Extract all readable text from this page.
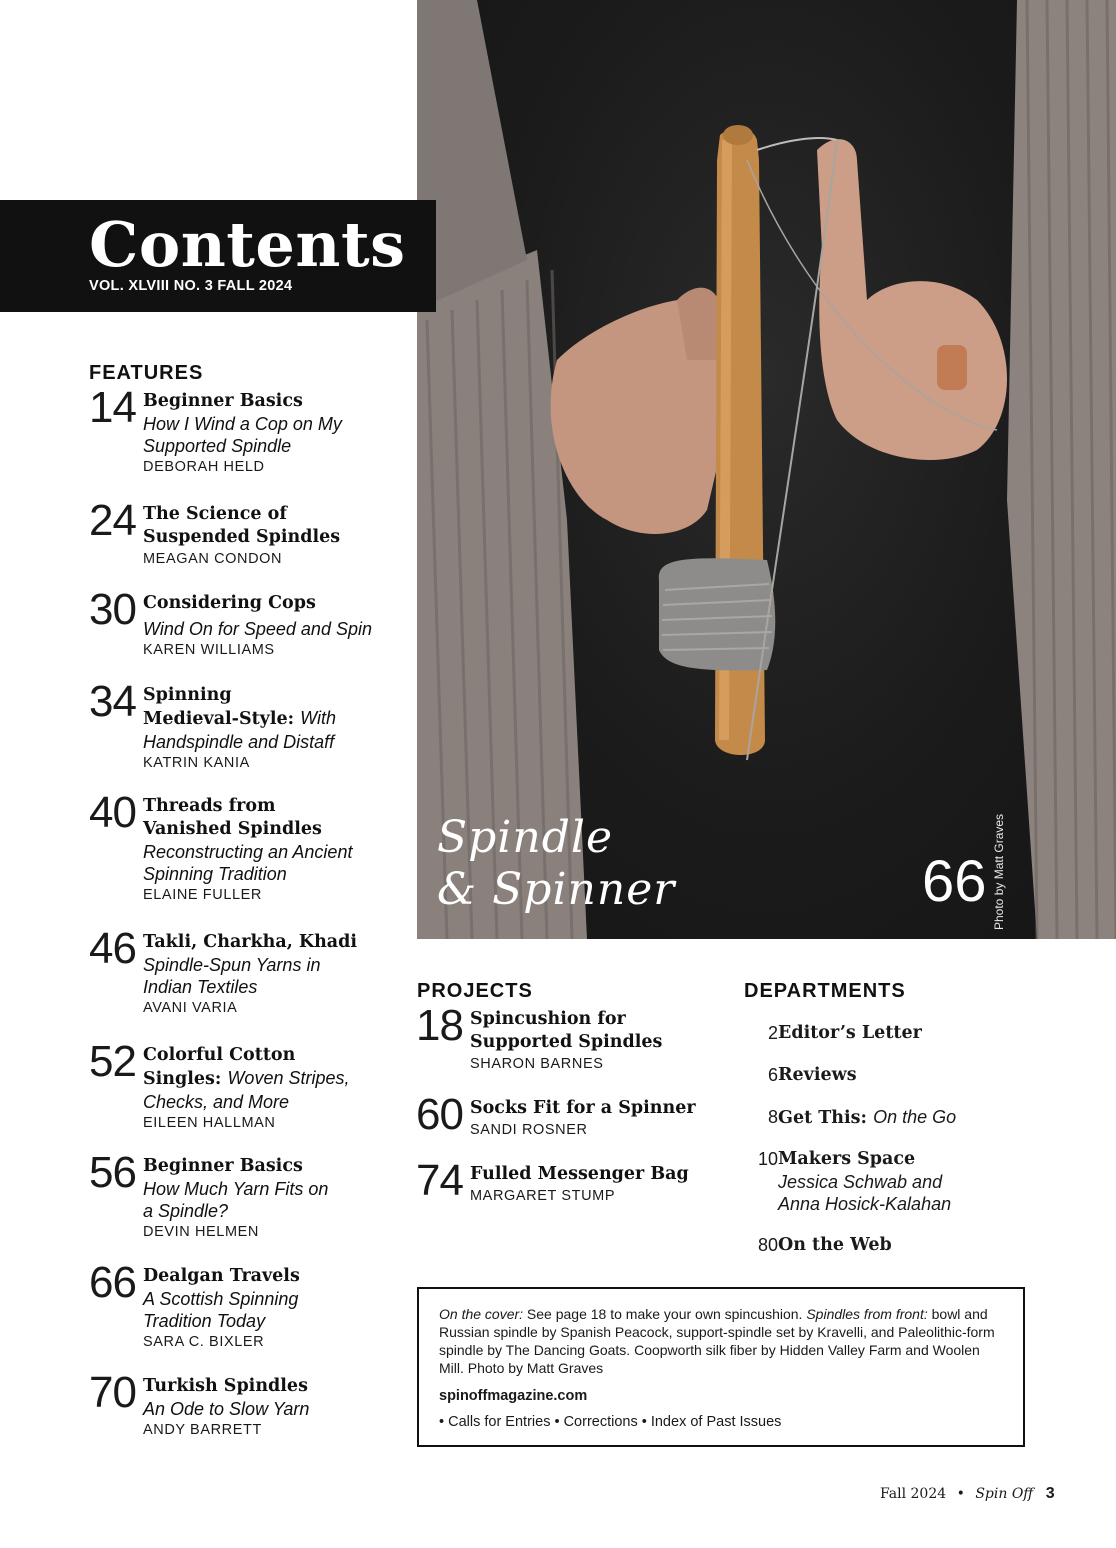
Spindle
& Spinner	66 Photo by Matt Graves
Contents
VOL. XLVIII NO. 3 FALL 2024
FEATURES
14 Beginner Basics
How I Wind a Cop on My Supported Spindle
DEBORAH HELD
24 The Science of Suspended Spindles
MEAGAN CONDON
30 Considering Cops
Wind On for Speed and Spin
KAREN WILLIAMS
34 Spinning
Medieval-Style: With
Handspindle and Distaff
KATRIN KANIA
40 Threads from Vanished Spindles
Reconstructing an Ancient Spinning Tradition
ELAINE FULLER
46 Takli, Charkha, Khadi
Spindle-Spun Yarns in Indian Textiles
AVANI VARIA
52 Colorful Cotton
Singles: Woven Stripes,
Checks, and More
EILEEN HALLMAN
56 Beginner Basics
How Much Yarn Fits on
a Spindle?
DEVIN HELMEN
66 Dealgan Travels
A Scottish Spinning Tradition Today
SARA C. BIXLER
70 Turkish Spindles
An Ode to Slow Yarn
ANDY BARRETT
PROJECTS
18 Spincushion for Supported Spindles
SHARON BARNES
60 Socks Fit for a Spinner
SANDI ROSNER
74 Fulled Messenger Bag
MARGARET STUMP
DEPARTMENTS
2 Editor’s Letter
6 Reviews
8 Get This: On the Go
10 Makers Space
Jessica Schwab and
Anna Hosick-Kalahan
80 On the Web
On the cover: See page 18 to make your own spincushion. Spindles from front: bowl and Russian spindle by Spanish Peacock, support-spindle set by Kravelli, and Paleolithic-form spindle by The Dancing Goats. Coopworth silk fiber by Hidden Valley Farm and Woolen Mill. Photo by Matt Graves
spinoffmagazine.com
• Calls for Entries • Corrections • Index of Past Issues
Fall 2024 • Spin Off 3
